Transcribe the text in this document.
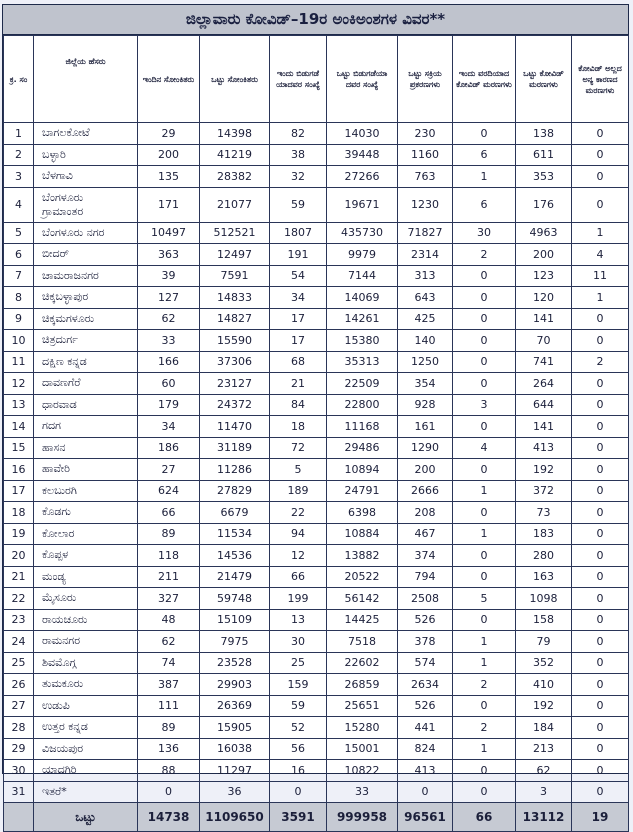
ಜಿಲ್ಲಾವಾರು ಕೋವಿಡ್–19ರ ಅಂಕಿಅಂಶಗಳ ವಿವರ**
ಕ್ರ. ಸಂ	ಜಿಲ್ಲೆಯ ಹೆಸರು	ಇಂದಿನ ಸೋಂಕಿತರು	ಒಟ್ಟು ಸೋಂಕಿತರು	ಇಂದು ಬಿಡುಗಡೆ ಯಾದವರ ಸಂಖ್ಯೆ	ಒಟ್ಟು ಬಿಡುಗಡೆಯಾ ದವರ ಸಂಖ್ಯೆ	ಒಟ್ಟು ಸಕ್ರಿಯ ಪ್ರಕರಣಗಳು	ಇಂದು ವರದಿಯಾದ ಕೋವಿಡ್ ಮರಣಗಳು	ಒಟ್ಟು ಕೋವಿಡ್ ಮರಣಗಳು	ಕೋವಿಡ್ ಅಲ್ಲದ ಅನ್ಯ ಕಾರಣದ ಮರಣಗಳು
1	ಬಾಗಲಕೋಟೆ	29	14398	82	14030	230	0	138	0
2	ಬಳ್ಳಾರಿ	200	41219	38	39448	1160	6	611	0
3	ಬೆಳಗಾವಿ	135	28382	32	27266	763	1	353	0
4	ಬೆಂಗಳೂರು
ಗ್ರಾಮಾಂತರ	171	21077	59	19671	1230	6	176	0
5	ಬೆಂಗಳೂರು ನಗರ	10497	512521	1807	435730	71827	30	4963	1
6	ಬೀದರ್	363	12497	191	9979	2314	2	200	4
7	ಚಾಮರಾಜನಗರ	39	7591	54	7144	313	0	123	11
8	ಚಿಕ್ಕಬಳ್ಳಾಪುರ	127	14833	34	14069	643	0	120	1
9	ಚಿಕ್ಕಮಗಳೂರು	62	14827	17	14261	425	0	141	0
10	ಚಿತ್ರದುರ್ಗ	33	15590	17	15380	140	0	70	0
11	ದಕ್ಷಿಣ ಕನ್ನಡ	166	37306	68	35313	1250	0	741	2
12	ದಾವಣಗೆರೆ	60	23127	21	22509	354	0	264	0
13	ಧಾರವಾಡ	179	24372	84	22800	928	3	644	0
14	ಗದಗ	34	11470	18	11168	161	0	141	0
15	ಹಾಸನ	186	31189	72	29486	1290	4	413	0
16	ಹಾವೇರಿ	27	11286	5	10894	200	0	192	0
17	ಕಲಬುರಗಿ	624	27829	189	24791	2666	1	372	0
18	ಕೊಡಗು	66	6679	22	6398	208	0	73	0
19	ಕೋಲಾರ	89	11534	94	10884	467	1	183	0
20	ಕೊಪ್ಪಳ	118	14536	12	13882	374	0	280	0
21	ಮಂಡ್ಯ	211	21479	66	20522	794	0	163	0
22	ಮೈಸೂರು	327	59748	199	56142	2508	5	1098	0
23	ರಾಯಚೂರು	48	15109	13	14425	526	0	158	0
24	ರಾಮನಗರ	62	7975	30	7518	378	1	79	0
25	ಶಿವಮೊಗ್ಗ	74	23528	25	22602	574	1	352	0
26	ತುಮಕೂರು	387	29903	159	26859	2634	2	410	0
27	ಉಡುಪಿ	111	26369	59	25651	526	0	192	0
28	ಉತ್ತರ ಕನ್ನಡ	89	15905	52	15280	441	2	184	0
29	ವಿಜಯಪುರ	136	16038	56	15001	824	1	213	0
30	ಯಾದಗಿರಿ	88	11297	16	10822	413	0	62	0
31	ಇತರೆ*	0	36	0	33	0	0	3	0
	ಒಟ್ಟು	14738	1109650	3591	999958	96561	66	13112	19
